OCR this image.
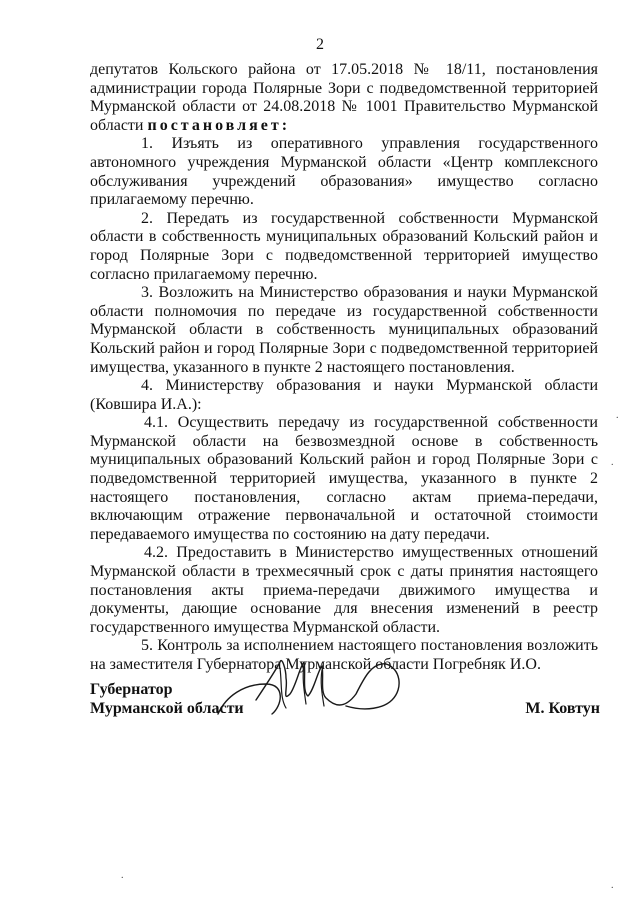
2

депутатов Кольского района от 17.05.2018 № 18/11, постановления администрации города Полярные Зори с подведомственной территорией Мурманской области от 24.08.2018 № 1001 Правительство Мурманской области постановляет:

1. Изъять из оперативного управления государственного автономного учреждения Мурманской области «Центр комплексного обслуживания учреждений образования» имущество согласно прилагаемому перечню.

2. Передать из государственной собственности Мурманской области в собственность муниципальных образований Кольский район и город Полярные Зори с подведомственной территорией имущество согласно прилагаемому перечню.

3. Возложить на Министерство образования и науки Мурманской области полномочия по передаче из государственной собственности Мурманской области в собственность муниципальных образований Кольский район и город Полярные Зори с подведомственной территорией имущества, указанного в пункте 2 настоящего постановления.

4. Министерству образования и науки Мурманской области (Ковшира И.А.):

4.1. Осуществить передачу из государственной собственности Мурманской области на безвозмездной основе в собственность муниципальных образований Кольский район и город Полярные Зори с подведомственной территорией имущества, указанного в пункте 2 настоящего постановления, согласно актам приема-передачи, включающим отражение первоначальной и остаточной стоимости передаваемого имущества по состоянию на дату передачи.

4.2. Предоставить в Министерство имущественных отношений Мурманской области в трехмесячный срок с даты принятия настоящего постановления акты приема-передачи движимого имущества и документы, дающие основание для внесения изменений в реестр государственного имущества Мурманской области.

5. Контроль за исполнением настоящего постановления возложить на заместителя Губернатора Мурманской области Погребняк И.О.

Губернатор
Мурманской области	М. Ковтун
.
.
.
.
